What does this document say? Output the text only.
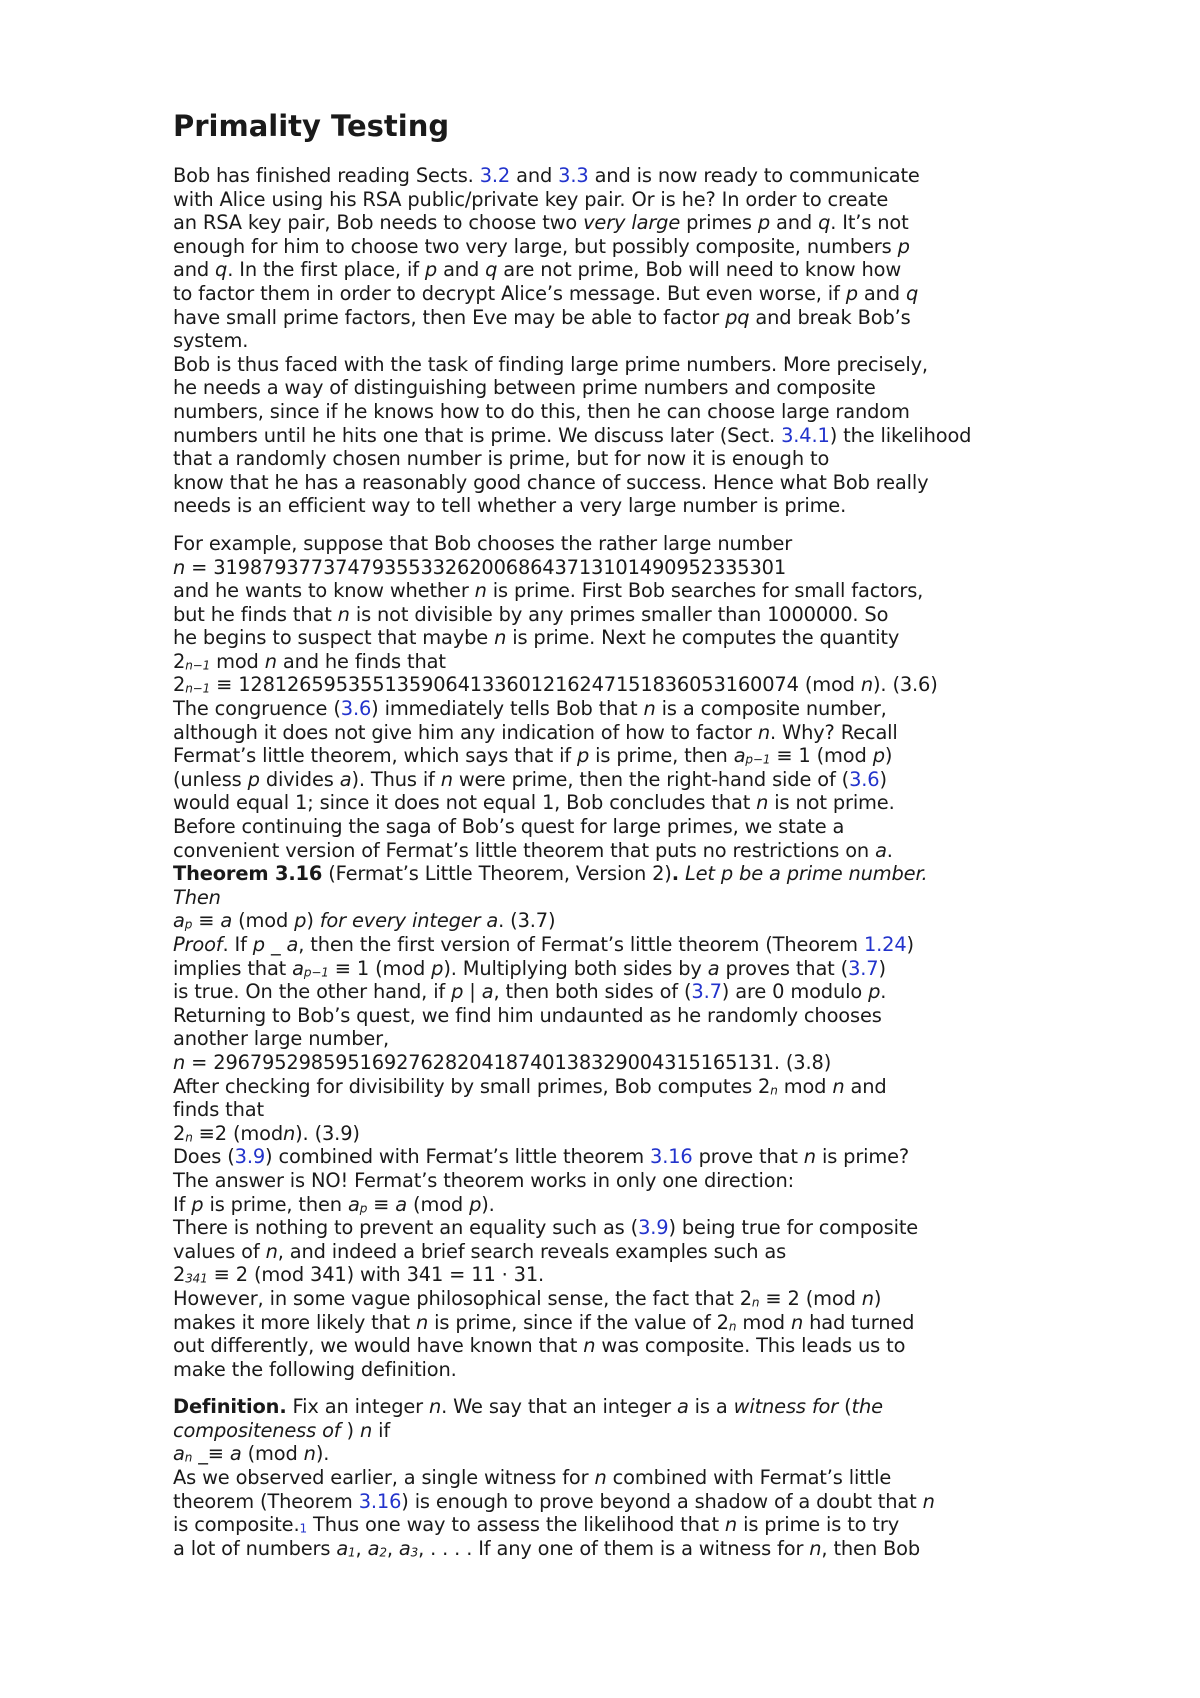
Primality Testing
Bob has finished reading Sects. 3.2 and 3.3 and is now ready to communicate
with Alice using his RSA public/private key pair. Or is he? In order to create
an RSA key pair, Bob needs to choose two very large primes p and q. It’s not
enough for him to choose two very large, but possibly composite, numbers p
and q. In the first place, if p and q are not prime, Bob will need to know how
to factor them in order to decrypt Alice’s message. But even worse, if p and q
have small prime factors, then Eve may be able to factor pq and break Bob’s
system.
Bob is thus faced with the task of finding large prime numbers. More precisely,
he needs a way of distinguishing between prime numbers and composite
numbers, since if he knows how to do this, then he can choose large random
numbers until he hits one that is prime. We discuss later (Sect. 3.4.1) the likelihood
that a randomly chosen number is prime, but for now it is enough to
know that he has a reasonably good chance of success. Hence what Bob really
needs is an efficient way to tell whether a very large number is prime.
For example, suppose that Bob chooses the rather large number
n = 31987937737479355332620068643713101490952335301
and he wants to know whether n is prime. First Bob searches for small factors,
but he finds that n is not divisible by any primes smaller than 1000000. So
he begins to suspect that maybe n is prime. Next he computes the quantity
2n−1 mod n and he finds that
2n−1 ≡ 1281265953551359064133601216247151836053160074 (mod n). (3.6)
The congruence (3.6) immediately tells Bob that n is a composite number,
although it does not give him any indication of how to factor n. Why? Recall
Fermat’s little theorem, which says that if p is prime, then ap−1 ≡ 1 (mod p)
(unless p divides a). Thus if n were prime, then the right-hand side of (3.6)
would equal 1; since it does not equal 1, Bob concludes that n is not prime.
Before continuing the saga of Bob’s quest for large primes, we state a
convenient version of Fermat’s little theorem that puts no restrictions on a.
Theorem 3.16 (Fermat’s Little Theorem, Version 2). Let p be a prime number.
Then
ap ≡ a (mod p) for every integer a. (3.7)
Proof. If p _ a, then the first version of Fermat’s little theorem (Theorem 1.24)
implies that ap−1 ≡ 1 (mod p). Multiplying both sides by a proves that (3.7)
is true. On the other hand, if p | a, then both sides of (3.7) are 0 modulo p.
Returning to Bob’s quest, we find him undaunted as he randomly chooses
another large number,
n = 2967952985951692762820418740138329004315165131. (3.8)
After checking for divisibility by small primes, Bob computes 2n mod n and
finds that
2n ≡2 (modn). (3.9)
Does (3.9) combined with Fermat’s little theorem 3.16 prove that n is prime?
The answer is NO! Fermat’s theorem works in only one direction:
If p is prime, then ap ≡ a (mod p).
There is nothing to prevent an equality such as (3.9) being true for composite
values of n, and indeed a brief search reveals examples such as
2341 ≡ 2 (mod 341) with 341 = 11 · 31.
However, in some vague philosophical sense, the fact that 2n ≡ 2 (mod n)
makes it more likely that n is prime, since if the value of 2n mod n had turned
out differently, we would have known that n was composite. This leads us to
make the following definition.
Definition. Fix an integer n. We say that an integer a is a witness for (the
compositeness of ) n if
an _≡ a (mod n).
As we observed earlier, a single witness for n combined with Fermat’s little
theorem (Theorem 3.16) is enough to prove beyond a shadow of a doubt that n
is composite.1 Thus one way to assess the likelihood that n is prime is to try
a lot of numbers a1, a2, a3, . . . . If any one of them is a witness for n, then Bob
